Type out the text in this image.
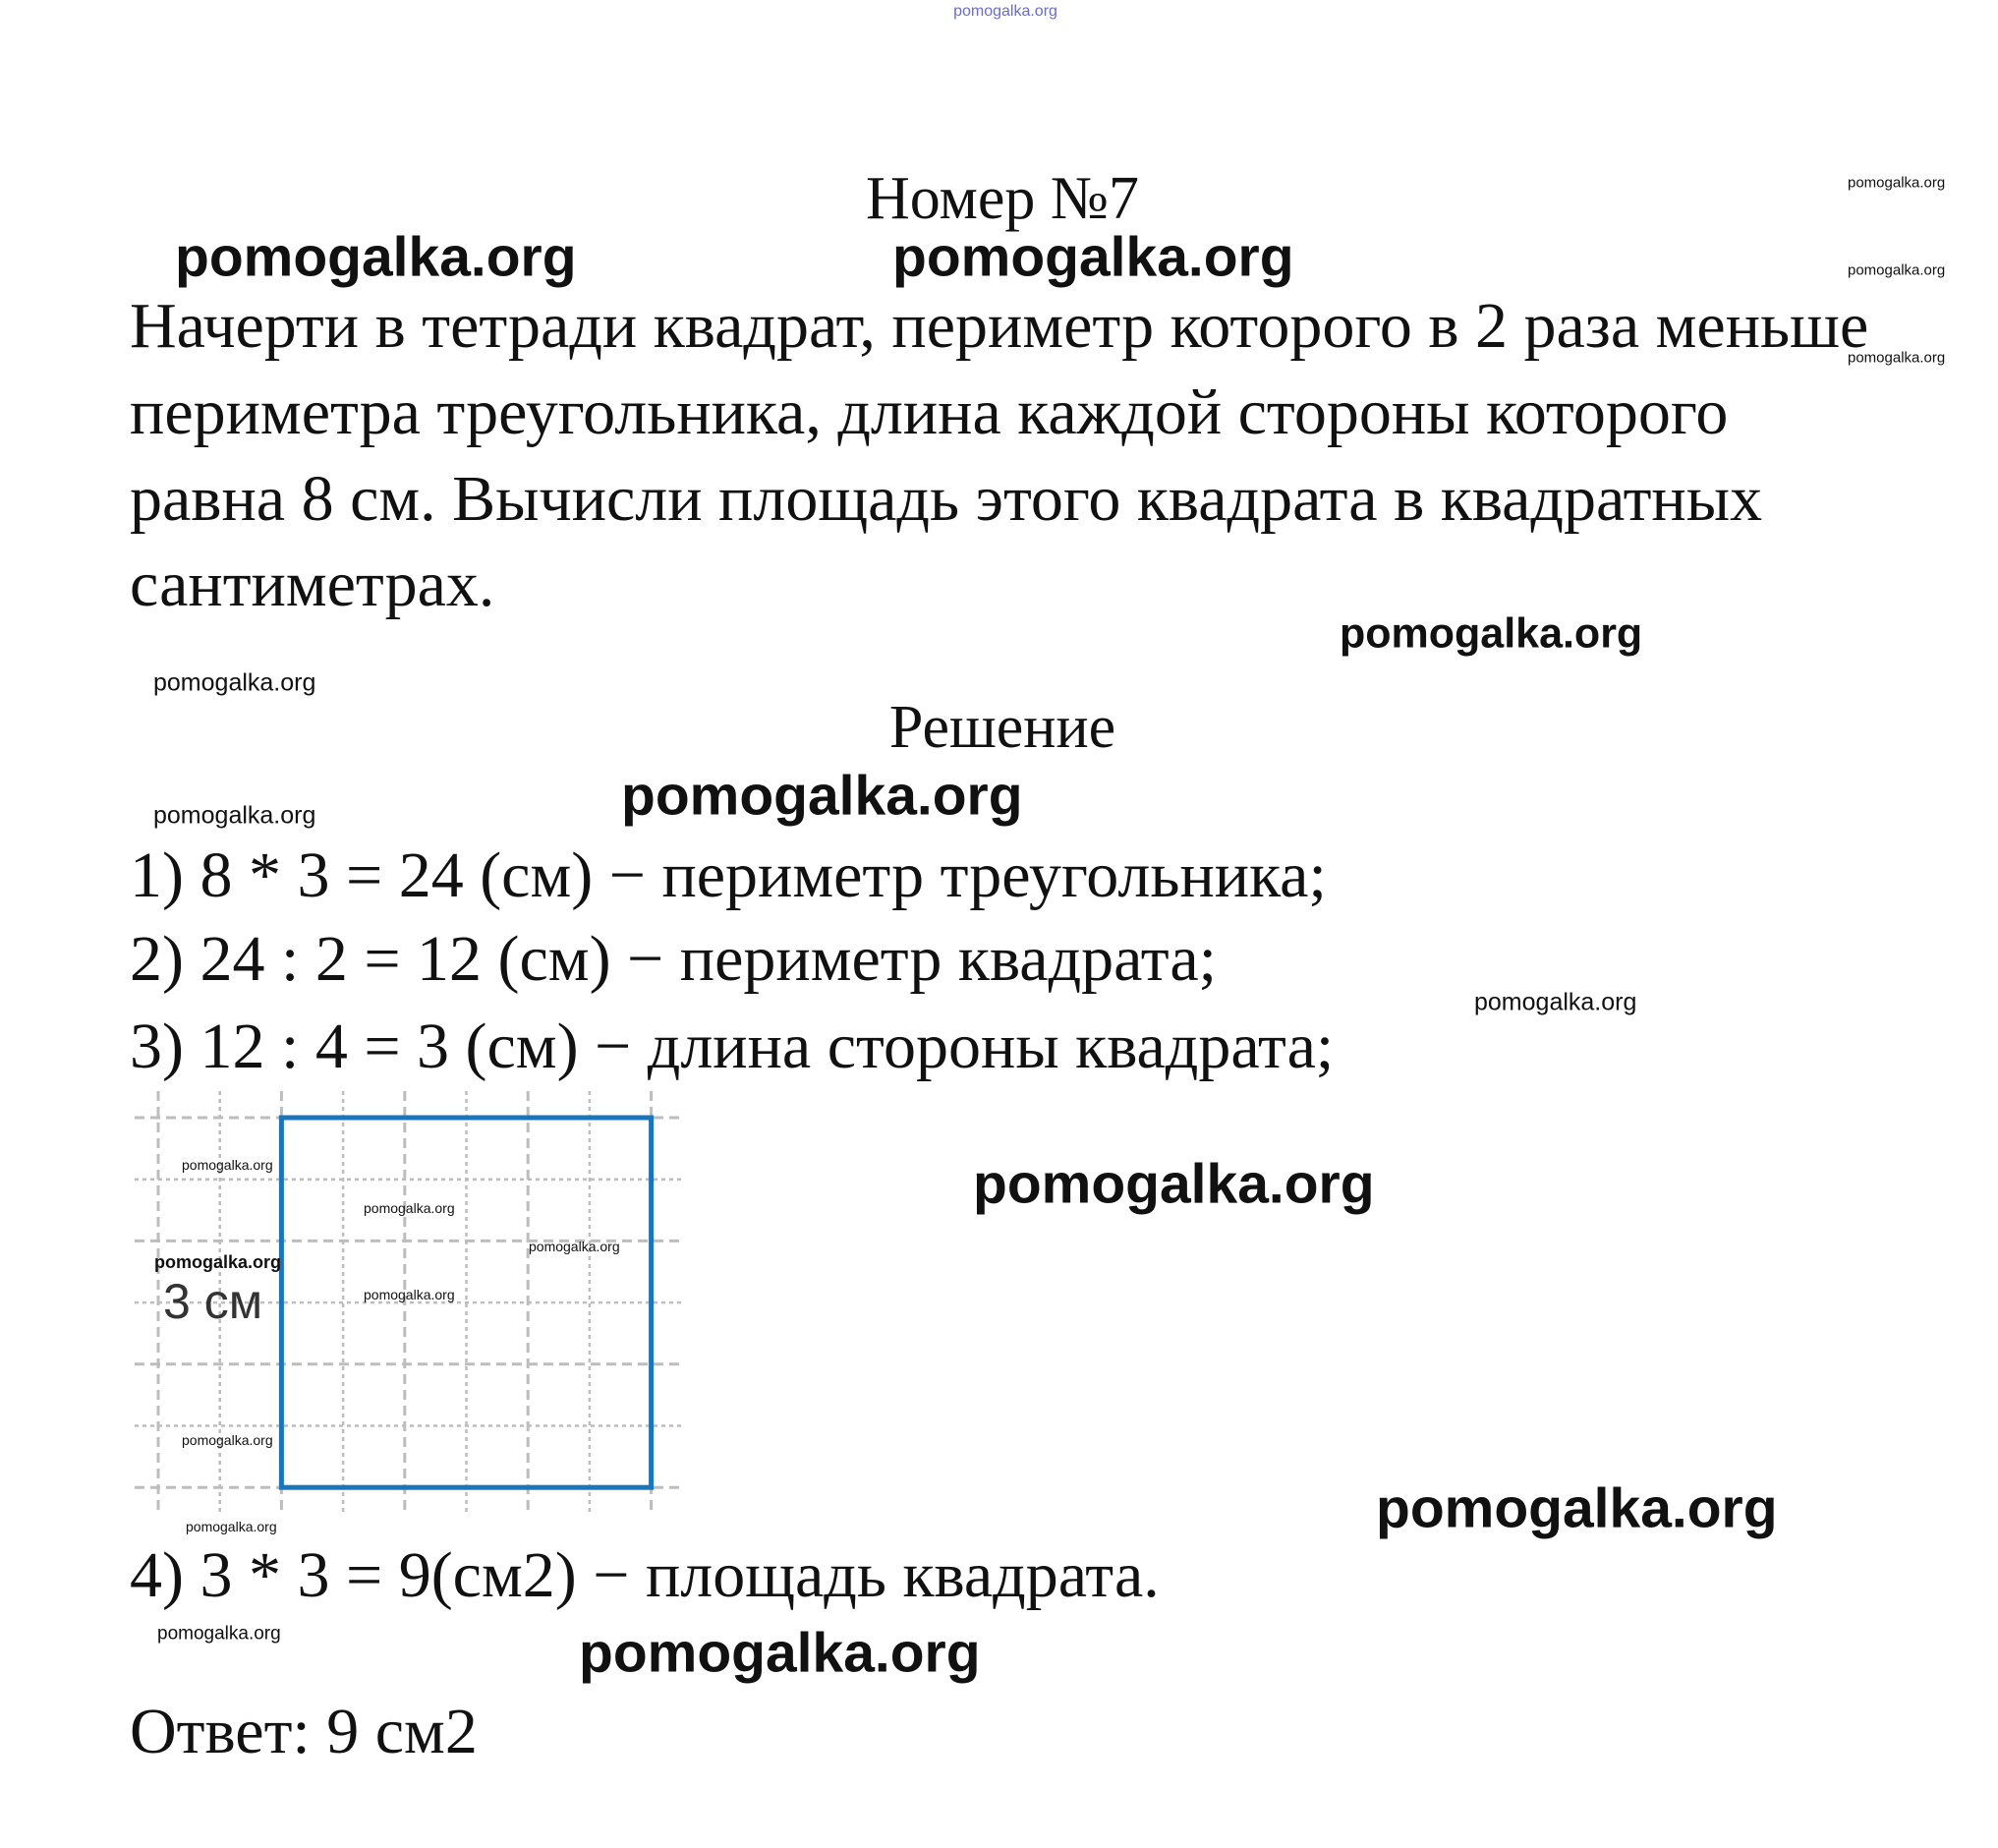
pomogalka.org
Номер №7	pomogalka.org
pomogalka.org
pomogalka.org
pomogalka.org	pomogalka.org
Начерти в тетради квадрат, периметр которого в 2 раза меньше
периметра треугольника, длина каждой стороны которого
равна 8 см. Вычисли площадь этого квадрата в квадратных
сантиметрах.
pomogalka.org
pomogalka.org
Решение
pomogalka.org	pomogalka.org
1) 8 * 3 = 24 (см) − периметр треугольника;
2) 24 : 2 = 12 (см) − периметр квадрата;
pomogalka.org
3) 12 : 4 = 3 (см) − длина стороны квадрата;
3 см
pomogalka.org
pomogalka.org
pomogalka.org
pomogalka.org
pomogalka.org
pomogalka.org
pomogalka.org
pomogalka.org
pomogalka.org
4) 3 * 3 = 9(см2) − площадь квадрата.
pomogalka.org	pomogalka.org
Ответ: 9 см2
